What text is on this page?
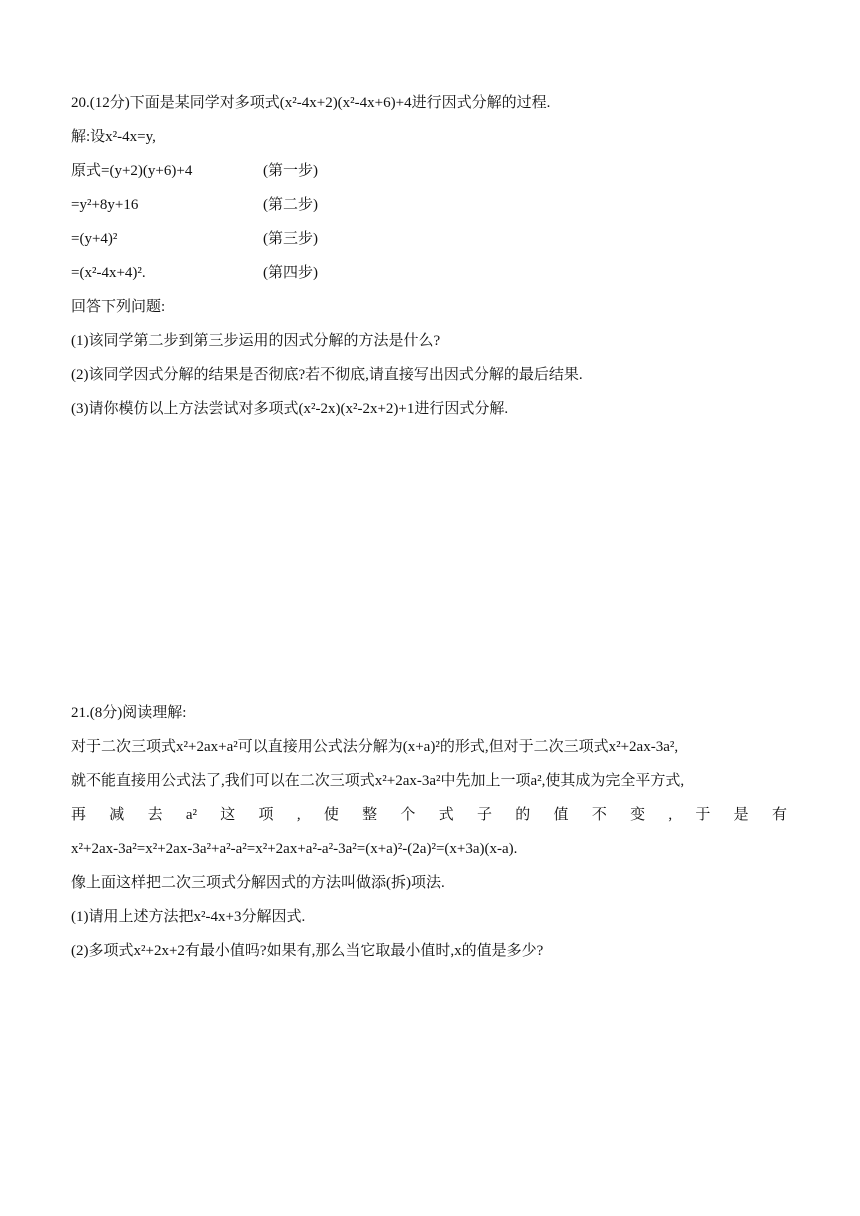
20.(12分)下面是某同学对多项式(x²-4x+2)(x²-4x+6)+4进行因式分解的过程.
解:设x²-4x=y,
原式=(y+2)(y+6)+4	(第一步)
=y²+8y+16	(第二步)
=(y+4)²	(第三步)
=(x²-4x+4)².	(第四步)
回答下列问题:
(1)该同学第二步到第三步运用的因式分解的方法是什么?
(2)该同学因式分解的结果是否彻底?若不彻底,请直接写出因式分解的最后结果.
(3)请你模仿以上方法尝试对多项式(x²-2x)(x²-2x+2)+1进行因式分解.
21.(8分)阅读理解:
对于二次三项式x²+2ax+a²可以直接用公式法分解为(x+a)²的形式,但对于二次三项式x²+2ax-3a²,
就不能直接用公式法了,我们可以在二次三项式x²+2ax-3a²中先加上一项a²,使其成为完全平方式,
再 减 去 a² 这 项 , 使 整 个 式 子 的 值 不 变 , 于 是 有
x²+2ax-3a²=x²+2ax-3a²+a²-a²=x²+2ax+a²-a²-3a²=(x+a)²-(2a)²=(x+3a)(x-a).
像上面这样把二次三项式分解因式的方法叫做添(拆)项法.
(1)请用上述方法把x²-4x+3分解因式.
(2)多项式x²+2x+2有最小值吗?如果有,那么当它取最小值时,x的值是多少?
